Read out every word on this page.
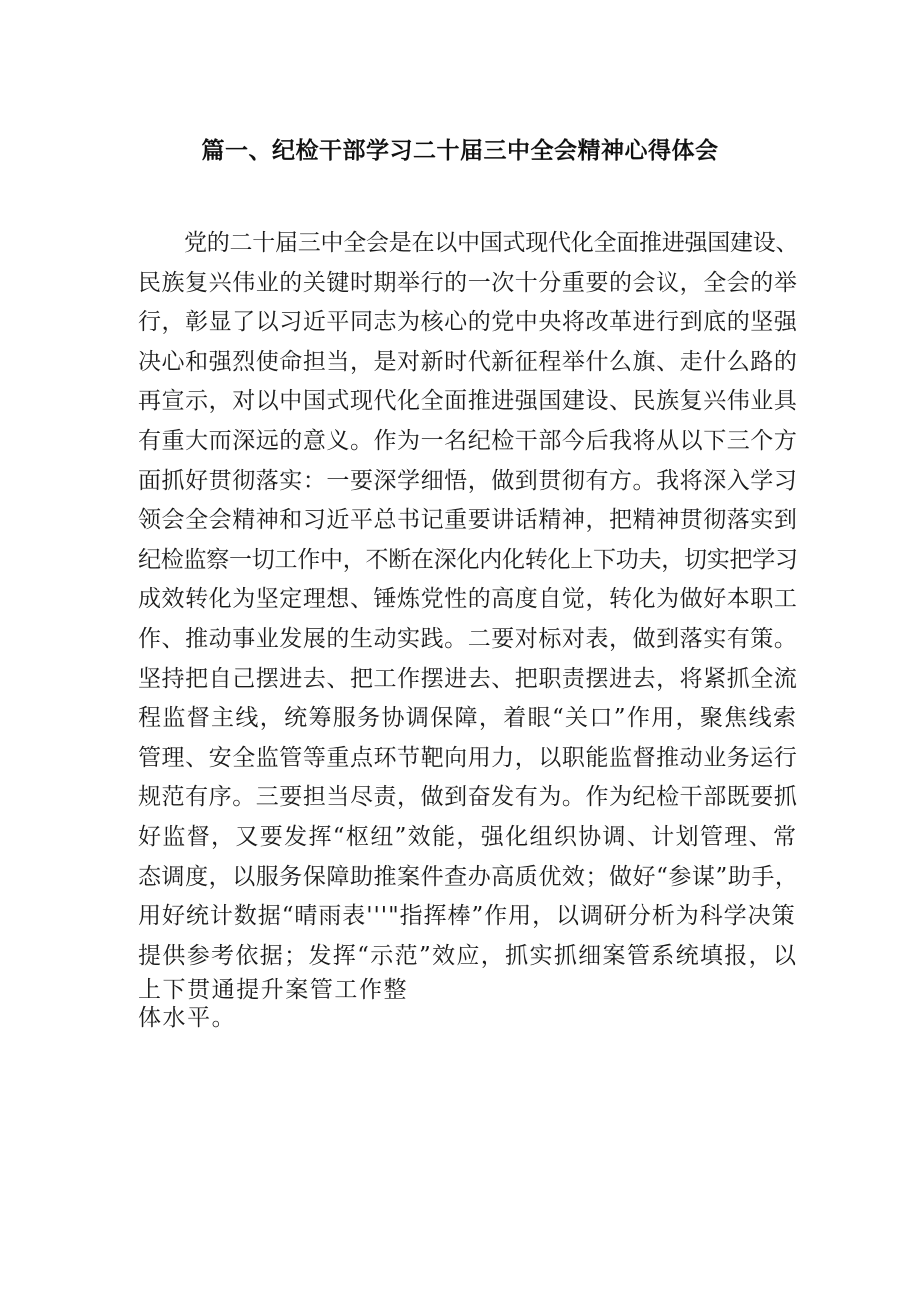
篇一、纪检干部学习二十届三中全会精神心得体会
党的二十届三中全会是在以中国式现代化全面推进强国建设、
民族复兴伟业的关键时期举行的一次十分重要的会议，全会的举
行，彰显了以习近平同志为核心的党中央将改革进行到底的坚强
决心和强烈使命担当，是对新时代新征程举什么旗、走什么路的
再宣示，对以中国式现代化全面推进强国建设、民族复兴伟业具
有重大而深远的意义。作为一名纪检干部今后我将从以下三个方
面抓好贯彻落实：一要深学细悟，做到贯彻有方。我将深入学习
领会全会精神和习近平总书记重要讲话精神，把精神贯彻落实到
纪检监察一切工作中，不断在深化内化转化上下功夫，切实把学习
成效转化为坚定理想、锤炼党性的高度自觉，转化为做好本职工
作、推动事业发展的生动实践。二要对标对表，做到落实有策。
坚持把自己摆进去、把工作摆进去、把职责摆进去，将紧抓全流
程监督主线，统筹服务协调保障，着眼“关口”作用，聚焦线索
管理、安全监管等重点环节靶向用力，以职能监督推动业务运行
规范有序。三要担当尽责，做到奋发有为。作为纪检干部既要抓
好监督，又要发挥“枢纽”效能，强化组织协调、计划管理、常
态调度，以服务保障助推案件查办高质优效；做好“参谋”助手，
用好统计数据“晴雨表'''"指挥棒”作用，以调研分析为科学决策
提供参考依据；发挥“示范”效应，抓实抓细案管系统填报，以
上下贯通提升案管工作整
体水平。
